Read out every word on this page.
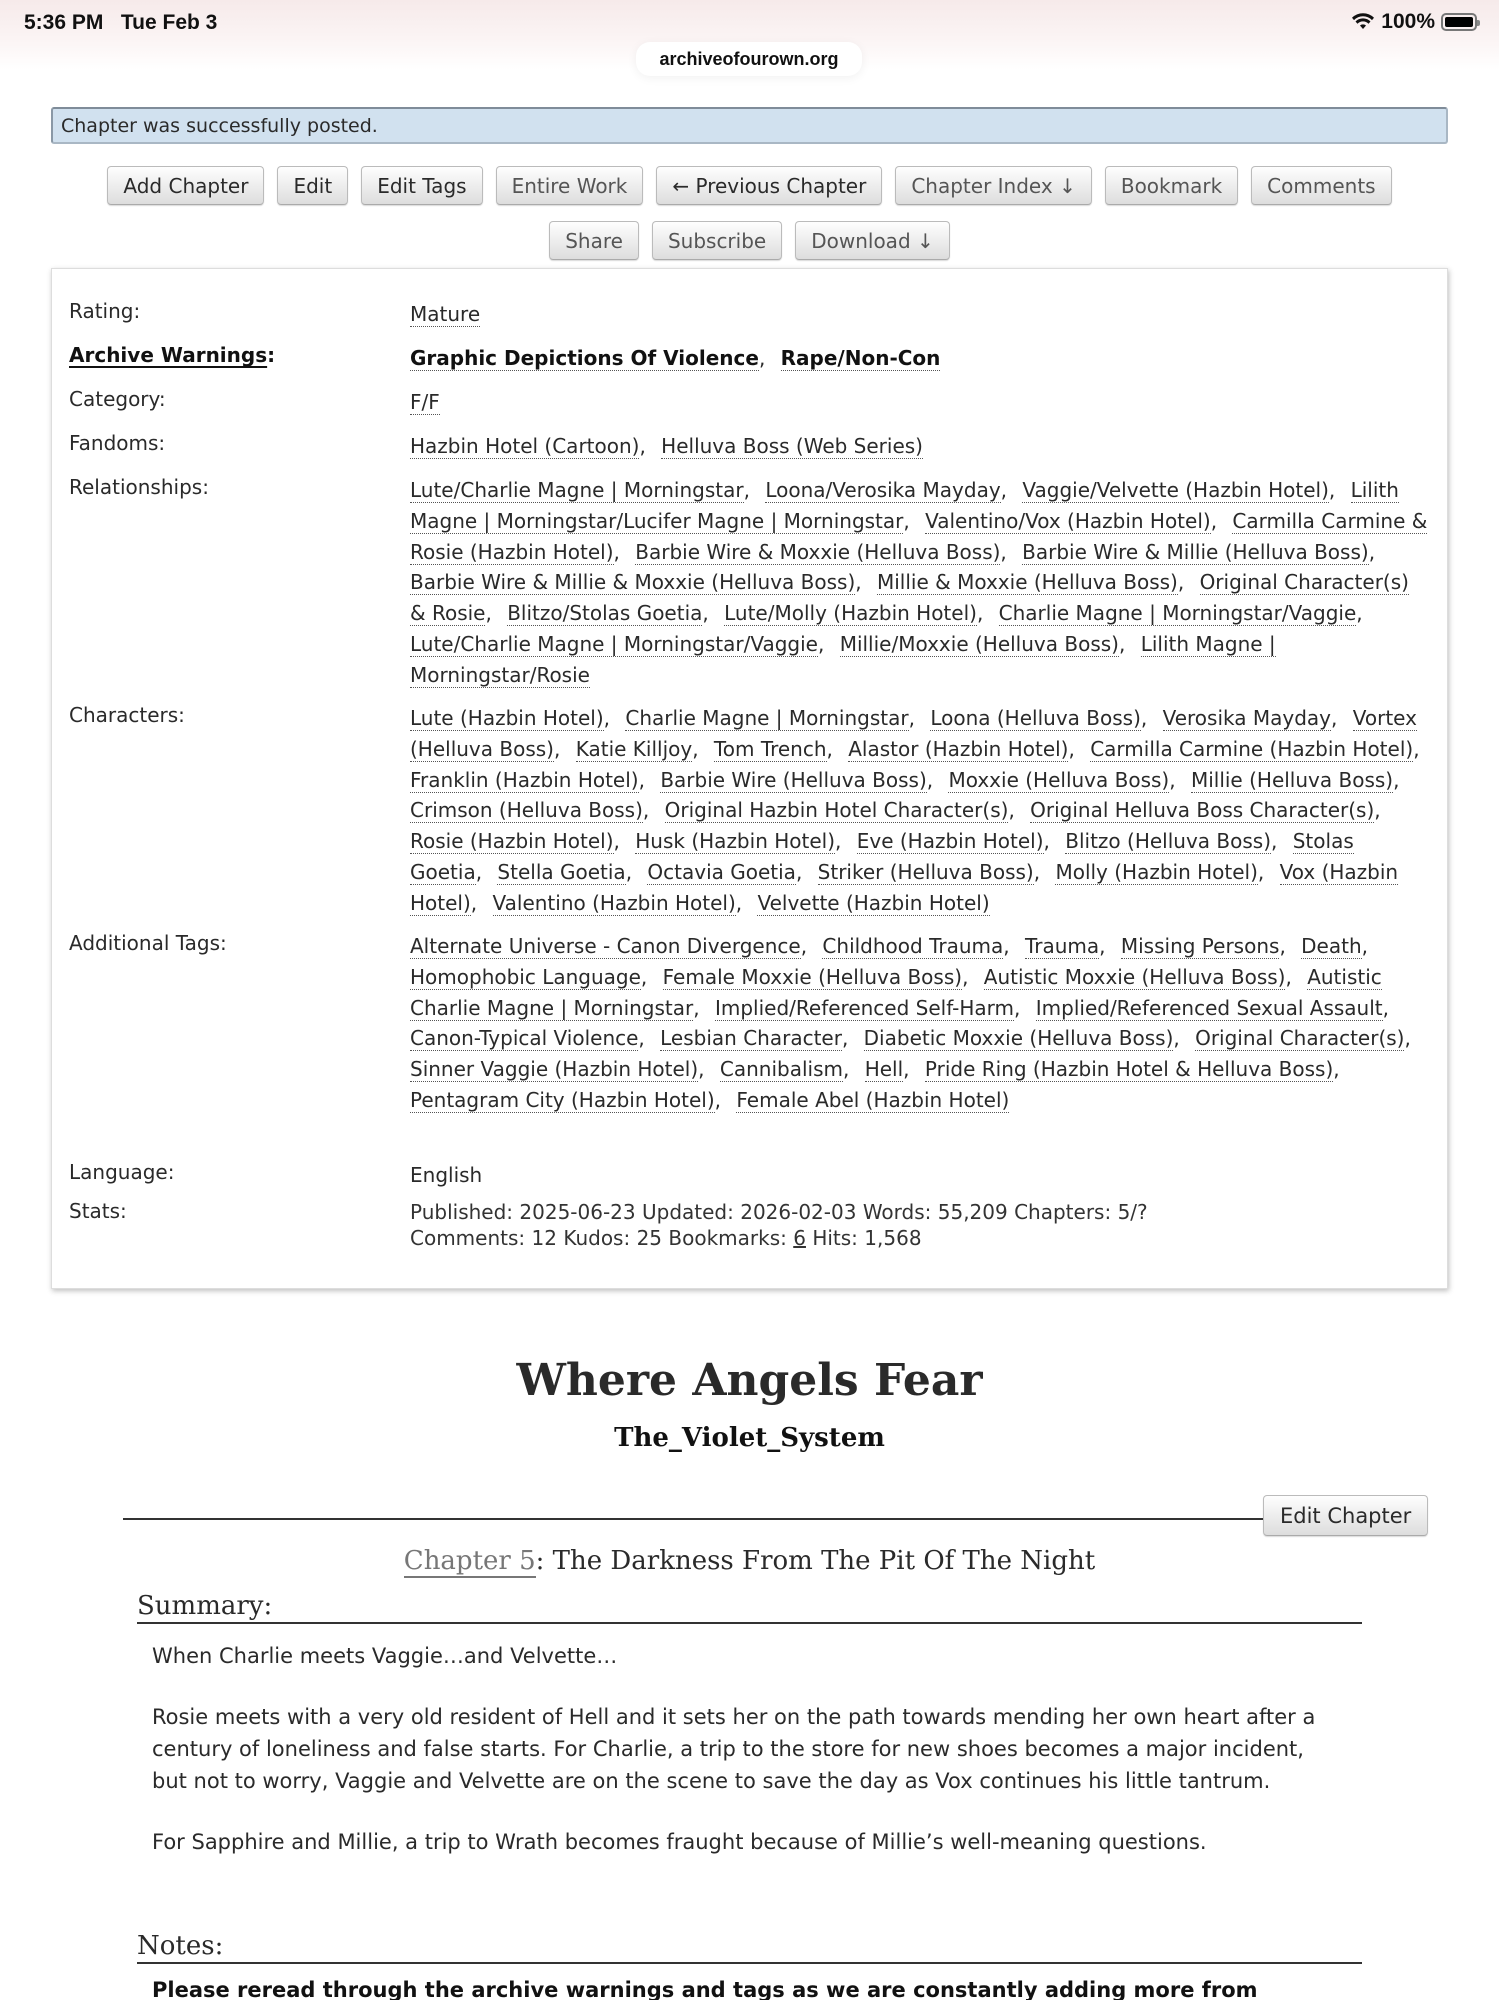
5:36 PM Tue Feb 3	100%
archiveofourown.org
Chapter was successfully posted.
Add Chapter	Edit	Edit Tags	Entire Work	← Previous Chapter	Chapter Index ↓	Bookmark	Comments
Share	Subscribe	Download ↓
Rating:	Mature
Archive Warnings:	Graphic Depictions Of Violence, Rape/Non-Con
Category:	F/F
Fandoms:	Hazbin Hotel (Cartoon), Helluva Boss (Web Series)
Relationships:	Lute/Charlie Magne | Morningstar, Loona/Verosika Mayday, Vaggie/Velvette (Hazbin Hotel), Lilith Magne | Morningstar/Lucifer Magne | Morningstar, Valentino/Vox (Hazbin Hotel), Carmilla Carmine & Rosie (Hazbin Hotel), Barbie Wire & Moxxie (Helluva Boss), Barbie Wire & Millie (Helluva Boss), Barbie Wire & Millie & Moxxie (Helluva Boss), Millie & Moxxie (Helluva Boss), Original Character(s) & Rosie, Blitzo/Stolas Goetia, Lute/Molly (Hazbin Hotel), Charlie Magne | Morningstar/Vaggie, Lute/Charlie Magne | Morningstar/Vaggie, Millie/Moxxie (Helluva Boss), Lilith Magne | Morningstar/Rosie
Characters:	Lute (Hazbin Hotel), Charlie Magne | Morningstar, Loona (Helluva Boss), Verosika Mayday, Vortex (Helluva Boss), Katie Killjoy, Tom Trench, Alastor (Hazbin Hotel), Carmilla Carmine (Hazbin Hotel), Franklin (Hazbin Hotel), Barbie Wire (Helluva Boss), Moxxie (Helluva Boss), Millie (Helluva Boss), Crimson (Helluva Boss), Original Hazbin Hotel Character(s), Original Helluva Boss Character(s), Rosie (Hazbin Hotel), Husk (Hazbin Hotel), Eve (Hazbin Hotel), Blitzo (Helluva Boss), Stolas Goetia, Stella Goetia, Octavia Goetia, Striker (Helluva Boss), Molly (Hazbin Hotel), Vox (Hazbin Hotel), Valentino (Hazbin Hotel), Velvette (Hazbin Hotel)
Additional Tags:	Alternate Universe - Canon Divergence, Childhood Trauma, Trauma, Missing Persons, Death, Homophobic Language, Female Moxxie (Helluva Boss), Autistic Moxxie (Helluva Boss), Autistic Charlie Magne | Morningstar, Implied/Referenced Self-Harm, Implied/Referenced Sexual Assault, Canon-Typical Violence, Lesbian Character, Diabetic Moxxie (Helluva Boss), Original Character(s), Sinner Vaggie (Hazbin Hotel), Cannibalism, Hell, Pride Ring (Hazbin Hotel & Helluva Boss), Pentagram City (Hazbin Hotel), Female Abel (Hazbin Hotel)
Language:	English
Stats:	Published: 2025-06-23 Updated: 2026-02-03 Words: 55,209 Chapters: 5/?
Comments: 12 Kudos: 25 Bookmarks: 6 Hits: 1,568
Where Angels Fear
The_Violet_System
Edit Chapter
Chapter 5: The Darkness From The Pit Of The Night
Summary:

When Charlie meets Vaggie…and Velvette…

Rosie meets with a very old resident of Hell and it sets her on the path towards mending her own heart after a century of loneliness and false starts. For Charlie, a trip to the store for new shoes becomes a major incident, but not to worry, Vaggie and Velvette are on the scene to save the day as Vox continues his little tantrum.

For Sapphire and Millie, a trip to Wrath becomes fraught because of Millie’s well-meaning questions.

Notes:
Please reread through the archive warnings and tags as we are constantly adding more from
